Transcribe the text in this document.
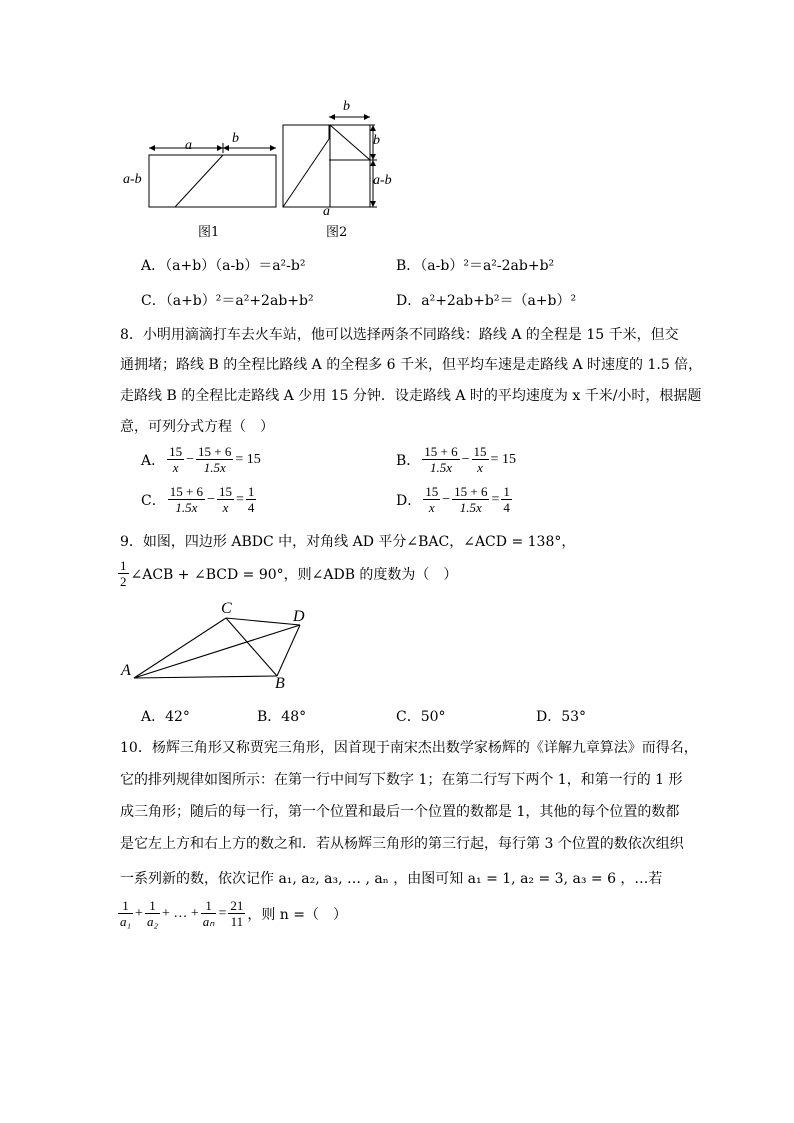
a	b
a-b
图1
b
b
a-b
a
图2
A．（a+b）（a-b）＝a²-b²	B．（a-b）²＝a²-2ab+b²
C．（a+b）²＝a²+2ab+b²	D．a²+2ab+b²＝（a+b）²
8．小明用滴滴打车去火车站，他可以选择两条不同路线：路线 A 的全程是 15 千米，但交
通拥堵；路线 B 的全程比路线 A 的全程多 6 千米，但平均车速是走路线 A 时速度的 1.5 倍，
走路线 B 的全程比走路线 A 少用 15 分钟．设走路线 A 时的平均速度为 x 千米/小时，根据题
意，可列分式方程（　）
A． $\frac{15}{x} - \frac{15 + 6}{1.5x} = 15$	B． $\frac{15 + 6}{1.5x} - \frac{15}{x} = 15$
C． $\frac{15 + 6}{1.5x} - \frac{15}{x} = \frac{1}{4}$	D． $\frac{15}{x} - \frac{15 + 6}{1.5x} = \frac{1}{4}$
9．如图，四边形 ABDC 中，对角线 AD 平分∠BAC，∠ACD = 138°，
$\frac{1}{2}$ ∠ACB + ∠BCD = 90°，则∠ADB 的度数为（　）
C	D
A
B
A．42°	B．48°	C．50°	D．53°
10．杨辉三角形又称贾宪三角形，因首现于南宋杰出数学家杨辉的《详解九章算法》而得名，
它的排列规律如图所示：在第一行中间写下数字 1；在第二行写下两个 1，和第一行的 1 形
成三角形；随后的每一行，第一个位置和最后一个位置的数都是 1，其他的每个位置的数都
是它左上方和右上方的数之和．若从杨辉三角形的第三行起，每行第 3 个位置的数依次组织
一系列新的数，依次记作 a₁, a₂, a₃, … , aₙ ，由图可知 a₁ = 1, a₂ = 3, a₃ = 6 ，…若
$\frac{1}{\text{a₁}} + \frac{1}{\text{a₂}}$ + … + $\frac{1}{\text{aₙ}} = \frac{21}{11}$ ，则 n =（　）
